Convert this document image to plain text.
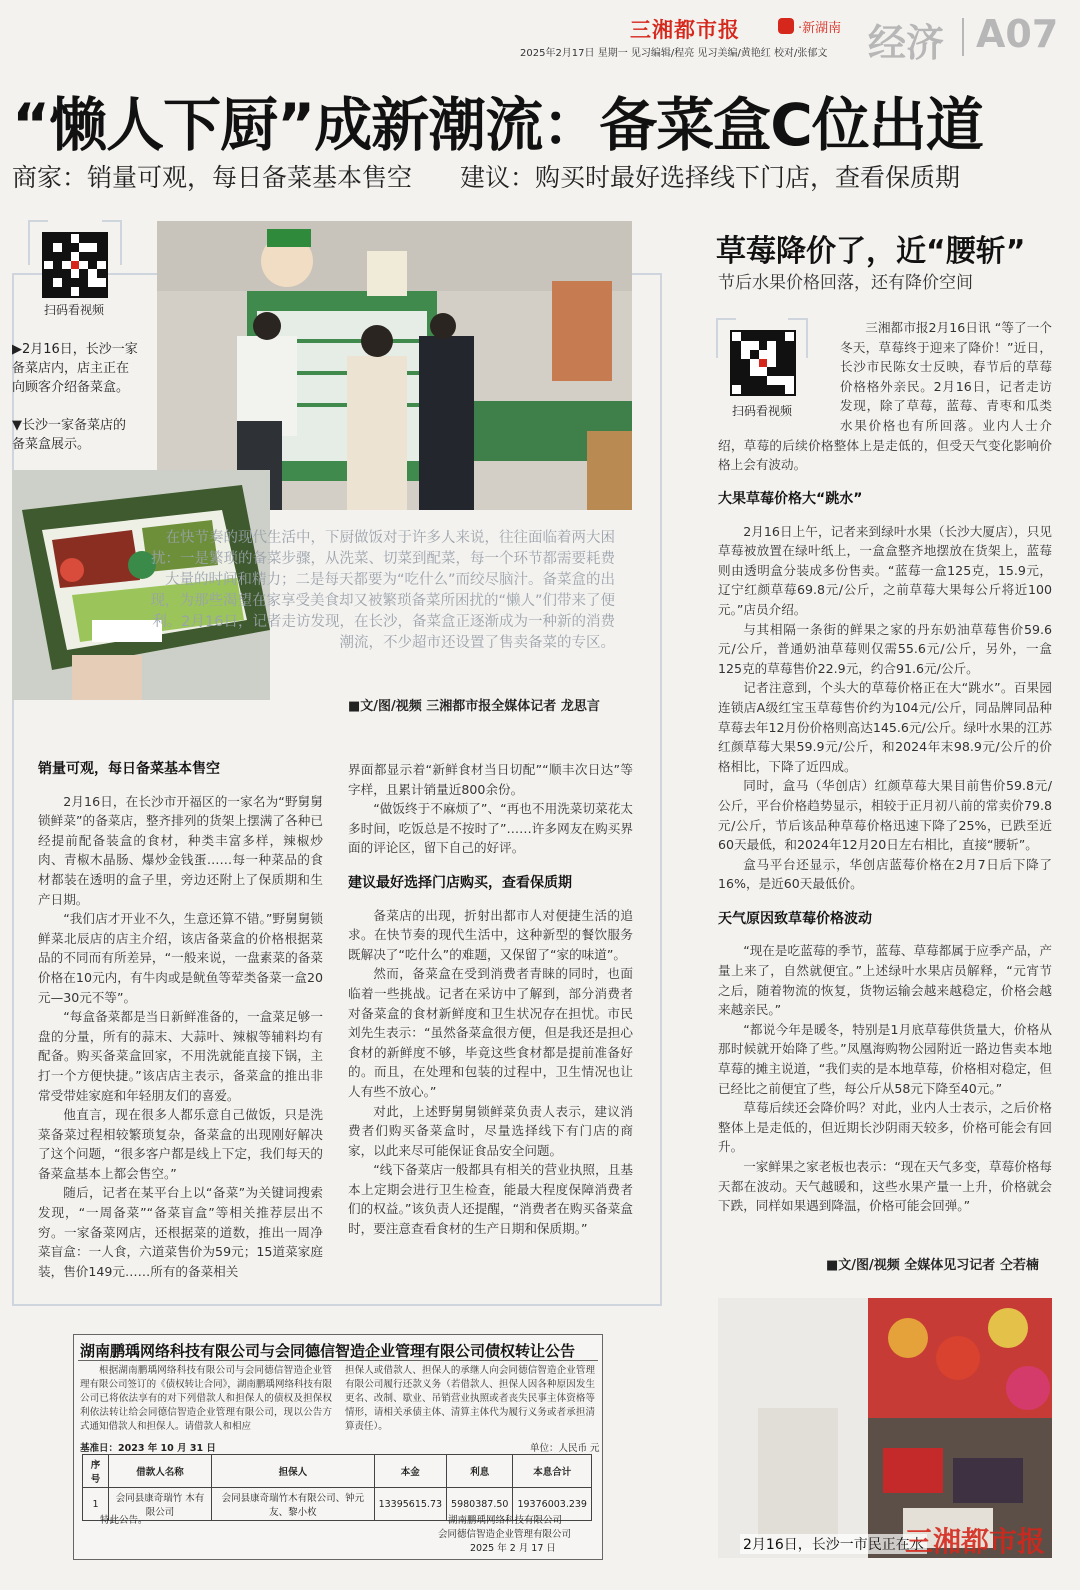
三湘都市报	·新湖南
2025年2月17日 星期一 见习编辑/程亮 见习美编/黄艳红 校对/张郁文 经济 A07
“懒人下厨”成新潮流：备菜盒C位出道
商家：销量可观，每日备菜基本售空 建议：购买时最好选择线下门店，查看保质期
扫码看视频
▶2月16日，长沙一家备菜店内，店主正在向顾客介绍备菜盒。
▼长沙一家备菜店的备菜盒展示。
在快节奏的现代生活中，下厨做饭对于许多人来说，往往面临着两大困扰：一是繁琐的备菜步骤，从洗菜、切菜到配菜，每一个环节都需要耗费大量的时间和精力；二是每天都要为“吃什么”而绞尽脑汁。备菜盒的出现，为那些渴望在家享受美食却又被繁琐备菜所困扰的“懒人”们带来了便利。2月16日，记者走访发现，在长沙，备菜盒正逐渐成为一种新的消费潮流，不少超市还设置了售卖备菜的专区。
■文/图/视频 三湘都市报全媒体记者 龙思言
销量可观，每日备菜基本售空

2月16日，在长沙市开福区的一家名为“野舅舅锁鲜菜”的备菜店，整齐排列的货架上摆满了各种已经提前配备装盒的食材，种类丰富多样，辣椒炒肉、青椒木晶肠、爆炒金钱蛋……每一种菜品的食材都装在透明的盒子里，旁边还附上了保质期和生产日期。

“我们店才开业不久，生意还算不错。”野舅舅锁鲜菜北辰店的店主介绍，该店备菜盒的价格根据菜品的不同而有所差异，“一般来说，一盘素菜的备菜价格在10元内，有牛肉或是鱿鱼等荤类备菜一盒20元—30元不等”。

“每盒备菜都是当日新鲜准备的，一盒菜足够一盘的分量，所有的蒜末、大蒜叶、辣椒等辅料均有配备。购买备菜盒回家，不用洗就能直接下锅，主打一个方便快捷。”该店店主表示，备菜盒的推出非常受带娃家庭和年轻朋友们的喜爱。

他直言，现在很多人都乐意自己做饭，只是洗菜备菜过程相较繁琐复杂，备菜盒的出现刚好解决了这个问题，“很多客户都是线上下定，我们每天的备菜盒基本上都会售空。”

随后，记者在某平台上以“备菜”为关键词搜索发现，“一周备菜”“备菜盲盒”等相关推荐层出不穷。一家备菜网店，还根据菜的道数，推出一周净菜盲盒：一人食，六道菜售价为59元；15道菜家庭装，售价149元……所有的备菜相关

界面都显示着“新鲜食材当日切配”“顺丰次日达”等字样，且累计销量近800余份。

“做饭终于不麻烦了”、“再也不用洗菜切菜花太多时间，吃饭总是不按时了”……许多网友在购买界面的评论区，留下自己的好评。

建议最好选择门店购买，查看保质期

备菜店的出现，折射出都市人对便捷生活的追求。在快节奏的现代生活中，这种新型的餐饮服务既解决了“吃什么”的难题，又保留了“家的味道”。

然而，备菜盒在受到消费者青睐的同时，也面临着一些挑战。记者在采访中了解到，部分消费者对备菜盒的食材新鲜度和卫生状况存在担忧。市民刘先生表示：“虽然备菜盒很方便，但是我还是担心食材的新鲜度不够，毕竟这些食材都是提前准备好的。而且，在处理和包装的过程中，卫生情况也让人有些不放心。”

对此，上述野舅舅锁鲜菜负责人表示，建议消费者们购买备菜盒时，尽量选择线下有门店的商家，以此来尽可能保证食品安全问题。

“线下备菜店一般都具有相关的营业执照，且基本上定期会进行卫生检查，能最大程度保障消费者们的权益。”该负责人还提醒，“消费者在购买备菜盒时，要注意查看食材的生产日期和保质期。”

草莓降价了，近“腰斩”
节后水果价格回落，还有降价空间
扫码看视频

三湘都市报2月16日讯 “等了一个冬天，草莓终于迎来了降价！”近日，长沙市民陈女士反映，春节后的草莓价格格外亲民。2月16日，记者走访发现，除了草莓，蓝莓、青枣和瓜类水果价格也有所回落。业内人士介绍，草莓的后续价格整体上是走低的，但受天气变化影响价格上会有波动。

大果草莓价格大“跳水”

2月16日上午，记者来到绿叶水果（长沙大厦店），只见草莓被放置在绿叶纸上，一盒盒整齐地摆放在货架上，蓝莓则由透明盒分装成多份售卖。“蓝莓一盒125克，15.9元，辽宁红颜草莓69.8元/公斤，之前草莓大果每公斤将近100元。”店员介绍。

与其相隔一条街的鲜果之家的丹东奶油草莓售价59.6元/公斤，普通奶油草莓则仅需55.6元/公斤，另外，一盒125克的草莓售价22.9元，约合91.6元/公斤。

记者注意到，个头大的草莓价格正在大“跳水”。百果园连锁店A级红宝玉草莓售价约为104元/公斤，同品牌同品种草莓去年12月份价格则高达145.6元/公斤。绿叶水果的江苏红颜草莓大果59.9元/公斤，和2024年末98.9元/公斤的价格相比，下降了近四成。

同时，盒马（华创店）红颜草莓大果目前售价59.8元/公斤，平台价格趋势显示，相较于正月初八前的常卖价79.8元/公斤，节后该品种草莓价格迅速下降了25%，已跌至近60天最低，和2024年12月20日左右相比，直接“腰斩”。

盒马平台还显示，华创店蓝莓价格在2月7日后下降了16%，是近60天最低价。

天气原因致草莓价格波动

“现在是吃蓝莓的季节，蓝莓、草莓都属于应季产品，产量上来了，自然就便宜。”上述绿叶水果店员解释，“元宵节之后，随着物流的恢复，货物运输会越来越稳定，价格会越来越亲民。”

“都说今年是暖冬，特别是1月底草莓供货量大，价格从那时候就开始降了些。”凤凰海购物公园附近一路边售卖本地草莓的摊主说道，“我们卖的是本地草莓，价格相对稳定，但已经比之前便宜了些，每公斤从58元下降至40元。”

草莓后续还会降价吗？对此，业内人士表示，之后价格整体上是走低的，但近期长沙阴雨天较多，价格可能会有回升。

一家鲜果之家老板也表示：“现在天气多变，草莓价格每天都在波动。天气越暖和，这些水果产量一上升，价格就会下跌，同样如果遇到降温，价格可能会回弹。”

■文/图/视频 全媒体见习记者 仝若楠
2月16日，长沙一市民正在水
三湘都市报
湖南鹏瑀网络科技有限公司与会同德信智造企业管理有限公司债权转让公告

根据湖南鹏瑀网络科技有限公司与会同德信智造企业管理有限公司签订的《债权转让合同》，湖南鹏瑀网络科技有限公司已将依法享有的对下列借款人和担保人的债权及担保权利依法转让给会同德信智造企业管理有限公司，现以公告方式通知借款人和担保人。请借款人和相应

担保人或借款人、担保人的承继人向会同德信智造企业管理有限公司履行还款义务（若借款人、担保人因各种原因发生更名、改制、歇业、吊销营业执照或者丧失民事主体资格等情形，请相关承债主体、清算主体代为履行义务或者承担清算责任）。

基准日：2023 年 10 月 31 日	单位：人民币 元
序号	借款人名称	担保人	本金	利息	本息合计
1	会同县康奇瑞竹 木有限公司	会同县康奇瑞竹木有限公司、钟元友、黎小枚	13395615.73	5980387.50	19376003.239
特此公告。	湖南鹏瑀网络科技有限公司
会同德信智造企业管理有限公司
2025 年 2 月 17 日
